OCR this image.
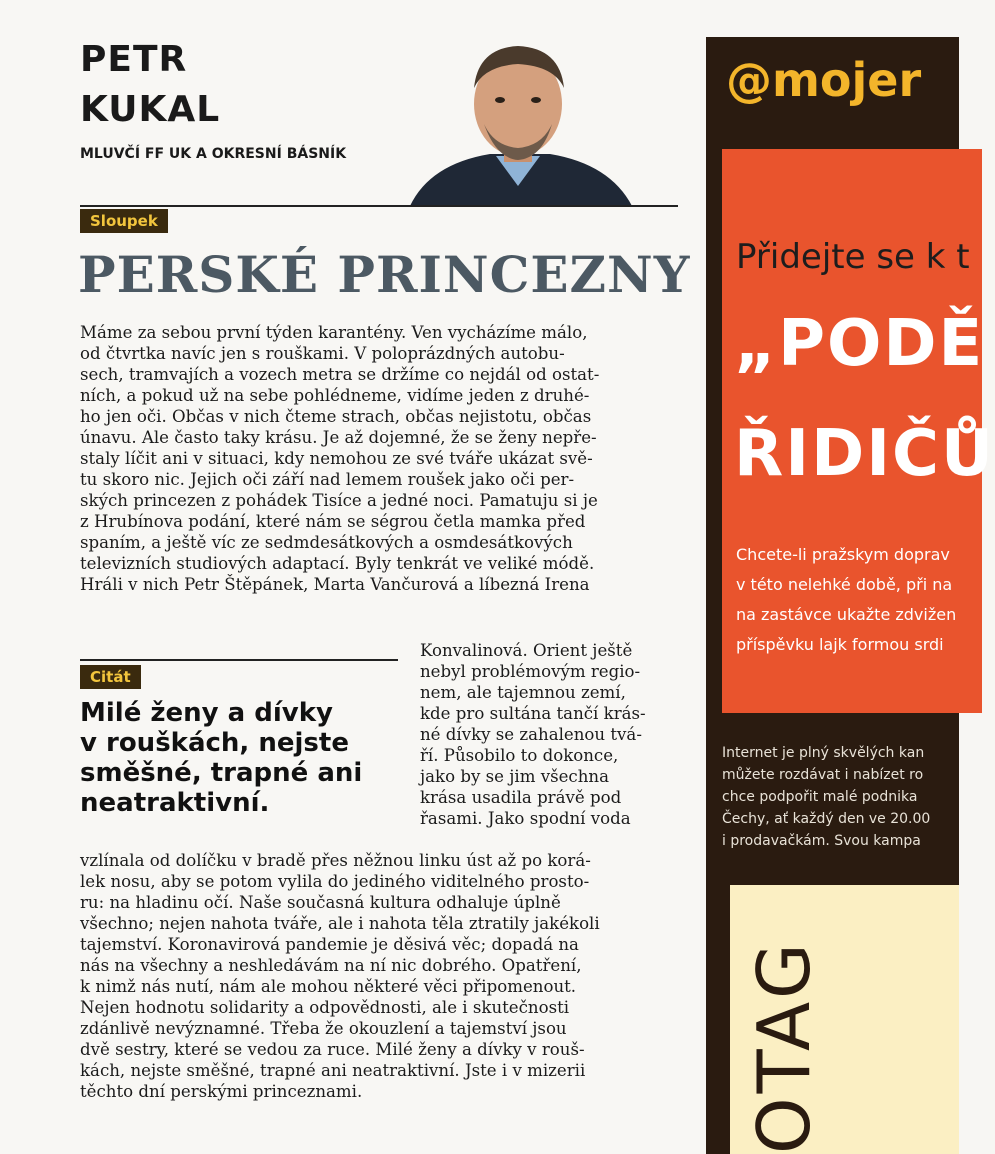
PETR
KUKAL
MLUVČÍ FF UK A OKRESNÍ BÁSNÍK
Sloupek
PERSKÉ PRINCEZNY
Máme za sebou první týden karantény. Ven vycházíme málo,
od čtvrtka navíc jen s rouškami. V poloprázdných autobu-
sech, tramvajích a vozech metra se držíme co nejdál od ostat-
ních, a pokud už na sebe pohlédneme, vidíme jeden z druhé-
ho jen oči. Občas v nich čteme strach, občas nejistotu, občas
únavu. Ale často taky krásu. Je až dojemné, že se ženy nepře-
staly líčit ani v situaci, kdy nemohou ze své tváře ukázat svě-
tu skoro nic. Jejich oči září nad lemem roušek jako oči per-
ských princezen z pohádek Tisíce a jedné noci. Pamatuju si je
z Hrubínova podání, které nám se ségrou četla mamka před
spaním, a ještě víc ze sedmdesátkových a osmdesátkových
televizních studiových adaptací. Byly tenkrát ve veliké módě.
Hráli v nich Petr Štěpánek, Marta Vančurová a líbezná Irena
Citát
Milé ženy a dívky
v rouškách, nejste
směšné, trapné ani
neatraktivní.
Konvalinová. Orient ještě
nebyl problémovým regio-
nem, ale tajemnou zemí,
kde pro sultána tančí krás-
né dívky se zahalenou tvá-
ří. Působilo to dokonce,
jako by se jim všechna
krása usadila právě pod
řasami. Jako spodní voda
vzlínala od dolíčku v bradě přes něžnou linku úst až po korá-
lek nosu, aby se potom vylila do jediného viditelného prosto-
ru: na hladinu očí. Naše současná kultura odhaluje úplně
všechno; nejen nahota tváře, ale i nahota těla ztratily jakékoli
tajemství. Koronavirová pandemie je děsivá věc; dopadá na
nás na všechny a neshledávám na ní nic dobrého. Opatření,
k nimž nás nutí, nám ale mohou některé věci připomenout.
Nejen hodnotu solidarity a odpovědnosti, ale i skutečnosti
zdánlivě nevýznamné. Třeba že okouzlení a tajemství jsou
dvě sestry, které se vedou za ruce. Milé ženy a dívky v rouš-
kách, nejste směšné, trapné ani neatraktivní. Jste i v mizerii
těchto dní perskými princeznami.
@mojer
Přidejte se k t
„PODĚ
ŘIDIČŮ
Chcete-li pražskym doprav
v této nelehké době, při na
na zastávce ukažte zdvižen
příspěvku lajk formou srdi
Internet je plný skvělých kan
můžete rozdávat i nabízet ro
chce podpořit malé podnika
Čechy, ať každý den ve 20.00
i prodavačkám. Svou kampa
OTAG
